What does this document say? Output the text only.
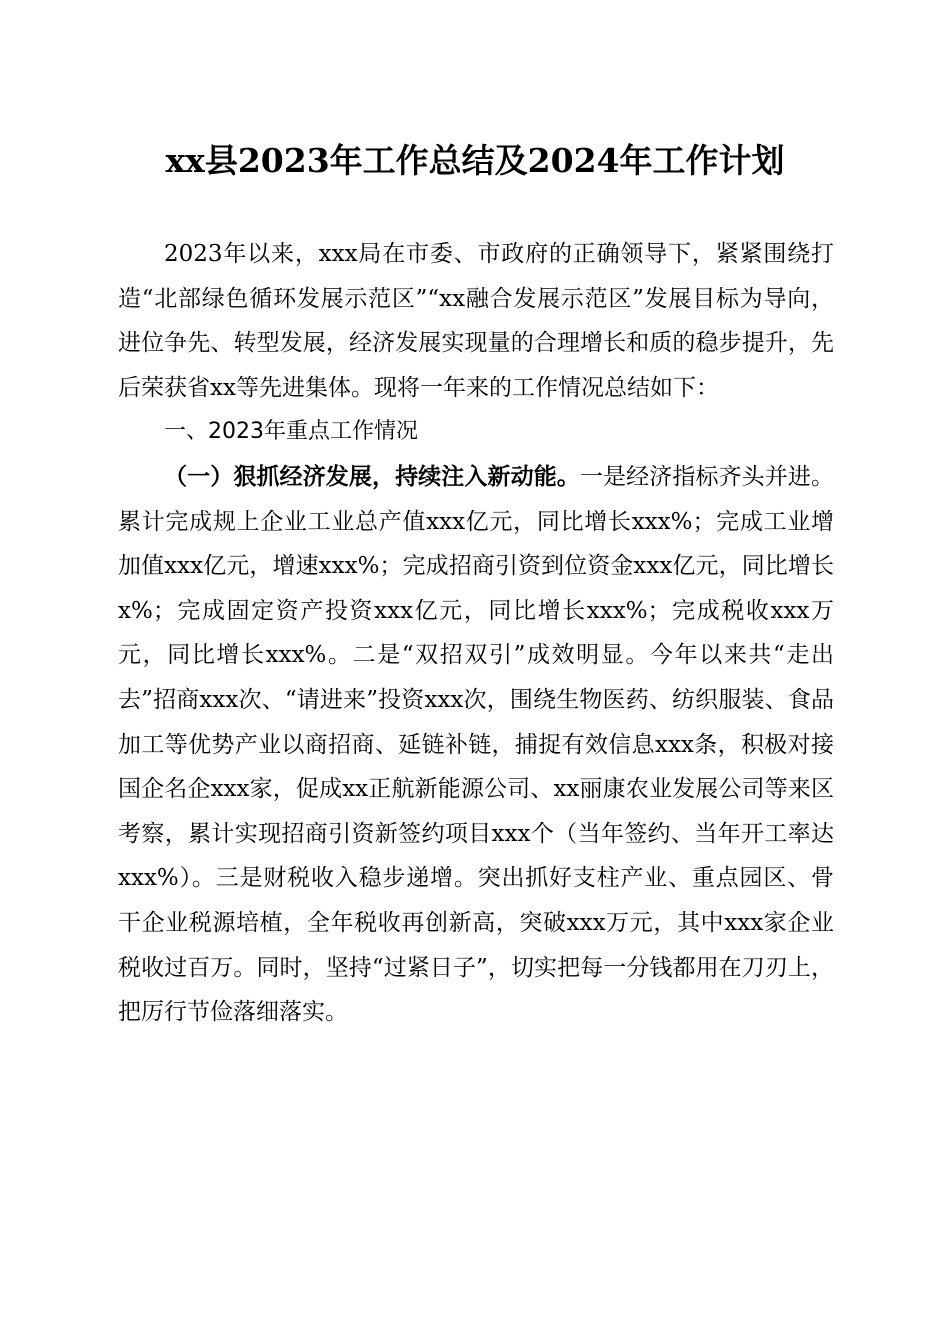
xx县2023年工作总结及2024年工作计划

2023年以来，xxx局在市委、市政府的正确领导下，紧紧围绕打造“北部绿色循环发展示范区”“xx融合发展示范区”发展目标为导向，进位争先、转型发展，经济发展实现量的合理增长和质的稳步提升，先后荣获省xx等先进集体。现将一年来的工作情况总结如下：

一、2023年重点工作情况

（一）狠抓经济发展，持续注入新动能。一是经济指标齐头并进。累计完成规上企业工业总产值xxx亿元，同比增长xxx%；完成工业增加值xxx亿元，增速xxx%；完成招商引资到位资金xxx亿元，同比增长x%；完成固定资产投资xxx亿元，同比增长xxx%；完成税收xxx万元，同比增长xxx%。二是“双招双引”成效明显。今年以来共“走出去”招商xxx次、“请进来”投资xxx次，围绕生物医药、纺织服装、食品加工等优势产业以商招商、延链补链，捕捉有效信息xxx条，积极对接国企名企xxx家，促成xx正航新能源公司、xx丽康农业发展公司等来区考察，累计实现招商引资新签约项目xxx个（当年签约、当年开工率达xxx%）。三是财税收入稳步递增。突出抓好支柱产业、重点园区、骨干企业税源培植，全年税收再创新高，突破xxx万元，其中xxx家企业税收过百万。同时，坚持“过紧日子”，切实把每一分钱都用在刀刃上，把厉行节俭落细落实。
